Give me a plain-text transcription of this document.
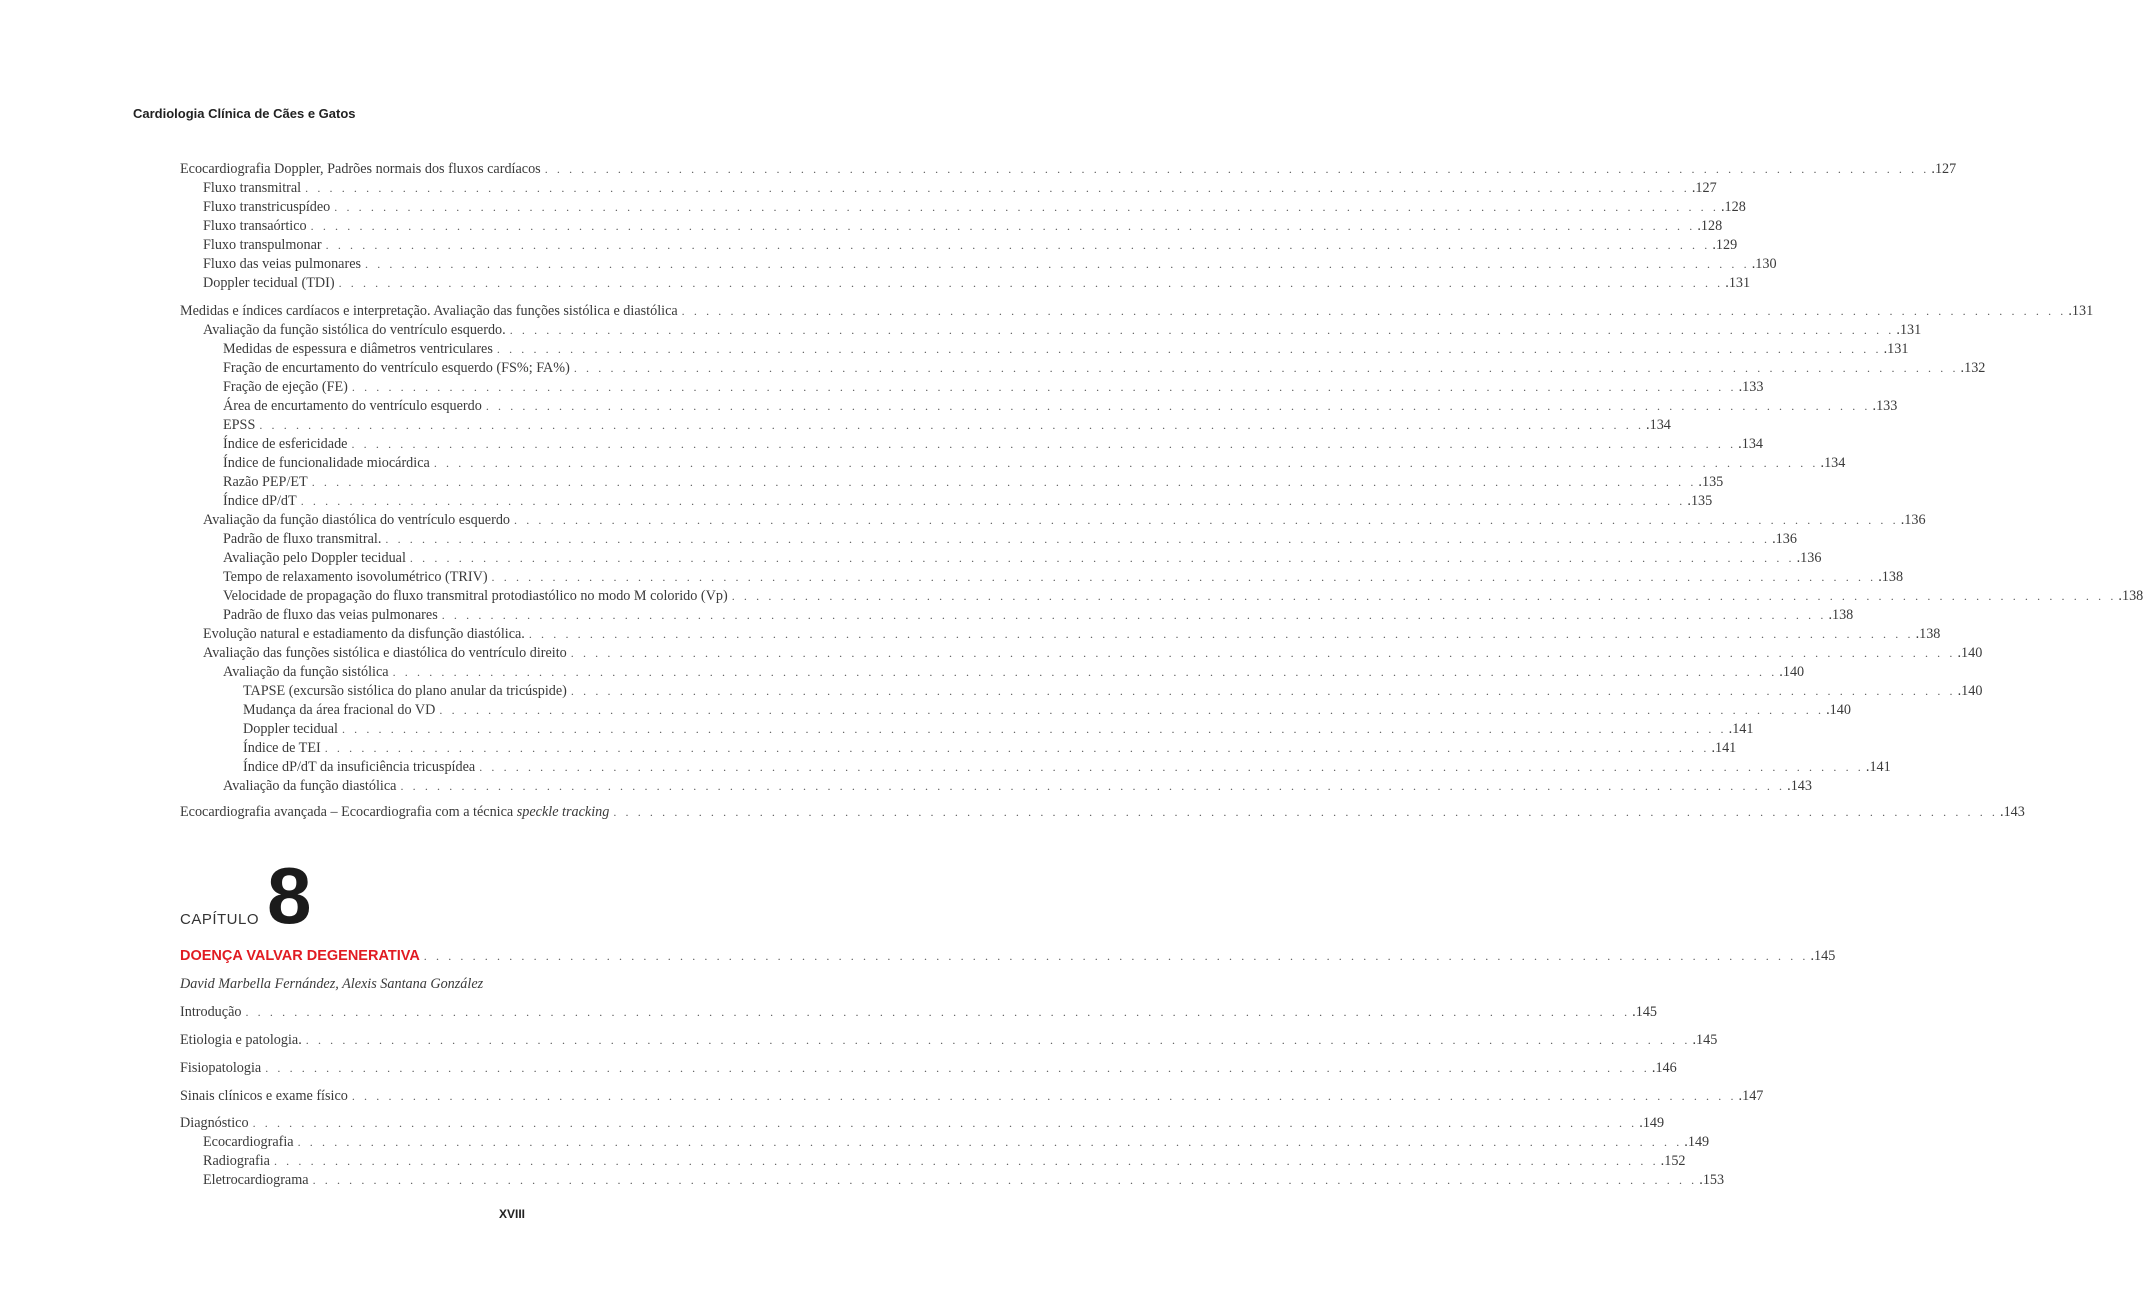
Cardiologia Clínica de Cães e Gatos
Ecocardiografia Doppler, Padrões normais dos fluxos cardíacos . . . . . . . . . . . . . . . . . . . . . . . . . . . . . . . . . . . . . . . . . . . . . . . . . . . . . . . . . . . . . . . . . . . . . . . . . . . . . . . . . . . . . . . . . . . . . . . . . . . . . . . . . . . . . . . . . . .127
Fluxo transmitral . . . . . . . . . . . . . . . . . . . . . . . . . . . . . . . . . . . . . . . . . . . . . . . . . . . . . . . . . . . . . . . . . . . . . . . . . . . . . . . . . . . . . . . . . . . . . . . . . . . . . . . . . . . . . . . . . . .127
Fluxo transtricuspídeo . . . . . . . . . . . . . . . . . . . . . . . . . . . . . . . . . . . . . . . . . . . . . . . . . . . . . . . . . . . . . . . . . . . . . . . . . . . . . . . . . . . . . . . . . . . . . . . . . . . . . . . . . . . . . . . . . . .128
Fluxo transaórtico . . . . . . . . . . . . . . . . . . . . . . . . . . . . . . . . . . . . . . . . . . . . . . . . . . . . . . . . . . . . . . . . . . . . . . . . . . . . . . . . . . . . . . . . . . . . . . . . . . . . . . . . . . . . . . . . . . .128
Fluxo transpulmonar . . . . . . . . . . . . . . . . . . . . . . . . . . . . . . . . . . . . . . . . . . . . . . . . . . . . . . . . . . . . . . . . . . . . . . . . . . . . . . . . . . . . . . . . . . . . . . . . . . . . . . . . . . . . . . . . . . .129
Fluxo das veias pulmonares . . . . . . . . . . . . . . . . . . . . . . . . . . . . . . . . . . . . . . . . . . . . . . . . . . . . . . . . . . . . . . . . . . . . . . . . . . . . . . . . . . . . . . . . . . . . . . . . . . . . . . . . . . . . . . . . . . .130
Doppler tecidual (TDI) . . . . . . . . . . . . . . . . . . . . . . . . . . . . . . . . . . . . . . . . . . . . . . . . . . . . . . . . . . . . . . . . . . . . . . . . . . . . . . . . . . . . . . . . . . . . . . . . . . . . . . . . . . . . . . . . . . .131
Medidas e índices cardíacos e interpretação. Avaliação das funções sistólica e diastólica . . . . . . . . . . . . . . . . . . . . . . . . . . . . . . . . . . . . . . . . . . . . . . . . . . . . . . . . . . . . . . . . . . . . . . . . . . . . . . . . . . . . . . . . . . . . . . . . . . . . . . . . . . . . . . . . . . .131
Avaliação da função sistólica do ventrículo esquerdo. . . . . . . . . . . . . . . . . . . . . . . . . . . . . . . . . . . . . . . . . . . . . . . . . . . . . . . . . . . . . . . . . . . . . . . . . . . . . . . . . . . . . . . . . . . . . . . . . . . . . . . . . . . . . . . . . . . .131
Medidas de espessura e diâmetros ventriculares . . . . . . . . . . . . . . . . . . . . . . . . . . . . . . . . . . . . . . . . . . . . . . . . . . . . . . . . . . . . . . . . . . . . . . . . . . . . . . . . . . . . . . . . . . . . . . . . . . . . . . . . . . . . . . . . . . .131
Fração de encurtamento do ventrículo esquerdo (FS%; FA%) . . . . . . . . . . . . . . . . . . . . . . . . . . . . . . . . . . . . . . . . . . . . . . . . . . . . . . . . . . . . . . . . . . . . . . . . . . . . . . . . . . . . . . . . . . . . . . . . . . . . . . . . . . . . . . . . . . .132
Fração de ejeção (FE) . . . . . . . . . . . . . . . . . . . . . . . . . . . . . . . . . . . . . . . . . . . . . . . . . . . . . . . . . . . . . . . . . . . . . . . . . . . . . . . . . . . . . . . . . . . . . . . . . . . . . . . . . . . . . . . . . . .133
Área de encurtamento do ventrículo esquerdo . . . . . . . . . . . . . . . . . . . . . . . . . . . . . . . . . . . . . . . . . . . . . . . . . . . . . . . . . . . . . . . . . . . . . . . . . . . . . . . . . . . . . . . . . . . . . . . . . . . . . . . . . . . . . . . . . . .133
EPSS . . . . . . . . . . . . . . . . . . . . . . . . . . . . . . . . . . . . . . . . . . . . . . . . . . . . . . . . . . . . . . . . . . . . . . . . . . . . . . . . . . . . . . . . . . . . . . . . . . . . . . . . . . . . . . . . . . .134
Índice de esfericidade . . . . . . . . . . . . . . . . . . . . . . . . . . . . . . . . . . . . . . . . . . . . . . . . . . . . . . . . . . . . . . . . . . . . . . . . . . . . . . . . . . . . . . . . . . . . . . . . . . . . . . . . . . . . . . . . . . .134
Índice de funcionalidade miocárdica . . . . . . . . . . . . . . . . . . . . . . . . . . . . . . . . . . . . . . . . . . . . . . . . . . . . . . . . . . . . . . . . . . . . . . . . . . . . . . . . . . . . . . . . . . . . . . . . . . . . . . . . . . . . . . . . . . .134
Razão PEP/ET . . . . . . . . . . . . . . . . . . . . . . . . . . . . . . . . . . . . . . . . . . . . . . . . . . . . . . . . . . . . . . . . . . . . . . . . . . . . . . . . . . . . . . . . . . . . . . . . . . . . . . . . . . . . . . . . . . .135
Índice dP/dT . . . . . . . . . . . . . . . . . . . . . . . . . . . . . . . . . . . . . . . . . . . . . . . . . . . . . . . . . . . . . . . . . . . . . . . . . . . . . . . . . . . . . . . . . . . . . . . . . . . . . . . . . . . . . . . . . . .135
Avaliação da função diastólica do ventrículo esquerdo . . . . . . . . . . . . . . . . . . . . . . . . . . . . . . . . . . . . . . . . . . . . . . . . . . . . . . . . . . . . . . . . . . . . . . . . . . . . . . . . . . . . . . . . . . . . . . . . . . . . . . . . . . . . . . . . . . .136
Padrão de fluxo transmitral. . . . . . . . . . . . . . . . . . . . . . . . . . . . . . . . . . . . . . . . . . . . . . . . . . . . . . . . . . . . . . . . . . . . . . . . . . . . . . . . . . . . . . . . . . . . . . . . . . . . . . . . . . . . . . . . . . . .136
Avaliação pelo Doppler tecidual . . . . . . . . . . . . . . . . . . . . . . . . . . . . . . . . . . . . . . . . . . . . . . . . . . . . . . . . . . . . . . . . . . . . . . . . . . . . . . . . . . . . . . . . . . . . . . . . . . . . . . . . . . . . . . . . . . .136
Tempo de relaxamento isovolumétrico (TRIV) . . . . . . . . . . . . . . . . . . . . . . . . . . . . . . . . . . . . . . . . . . . . . . . . . . . . . . . . . . . . . . . . . . . . . . . . . . . . . . . . . . . . . . . . . . . . . . . . . . . . . . . . . . . . . . . . . . .138
Velocidade de propagação do fluxo transmitral protodiastólico no modo M colorido (Vp) . . . . . . . . . . . . . . . . . . . . . . . . . . . . . . . . . . . . . . . . . . . . . . . . . . . . . . . . . . . . . . . . . . . . . . . . . . . . . . . . . . . . . . . . . . . . . . . . . . . . . . . . . . . . . . . . . . .138
Padrão de fluxo das veias pulmonares . . . . . . . . . . . . . . . . . . . . . . . . . . . . . . . . . . . . . . . . . . . . . . . . . . . . . . . . . . . . . . . . . . . . . . . . . . . . . . . . . . . . . . . . . . . . . . . . . . . . . . . . . . . . . . . . . . .138
Evolução natural e estadiamento da disfunção diastólica. . . . . . . . . . . . . . . . . . . . . . . . . . . . . . . . . . . . . . . . . . . . . . . . . . . . . . . . . . . . . . . . . . . . . . . . . . . . . . . . . . . . . . . . . . . . . . . . . . . . . . . . . . . . . . . . . . . .138
Avaliação das funções sistólica e diastólica do ventrículo direito . . . . . . . . . . . . . . . . . . . . . . . . . . . . . . . . . . . . . . . . . . . . . . . . . . . . . . . . . . . . . . . . . . . . . . . . . . . . . . . . . . . . . . . . . . . . . . . . . . . . . . . . . . . . . . . . . . .140
Avaliação da função sistólica . . . . . . . . . . . . . . . . . . . . . . . . . . . . . . . . . . . . . . . . . . . . . . . . . . . . . . . . . . . . . . . . . . . . . . . . . . . . . . . . . . . . . . . . . . . . . . . . . . . . . . . . . . . . . . . . . . .140
TAPSE (excursão sistólica do plano anular da tricúspide) . . . . . . . . . . . . . . . . . . . . . . . . . . . . . . . . . . . . . . . . . . . . . . . . . . . . . . . . . . . . . . . . . . . . . . . . . . . . . . . . . . . . . . . . . . . . . . . . . . . . . . . . . . . . . . . . . . .140
Mudança da área fracional do VD . . . . . . . . . . . . . . . . . . . . . . . . . . . . . . . . . . . . . . . . . . . . . . . . . . . . . . . . . . . . . . . . . . . . . . . . . . . . . . . . . . . . . . . . . . . . . . . . . . . . . . . . . . . . . . . . . . .140
Doppler tecidual . . . . . . . . . . . . . . . . . . . . . . . . . . . . . . . . . . . . . . . . . . . . . . . . . . . . . . . . . . . . . . . . . . . . . . . . . . . . . . . . . . . . . . . . . . . . . . . . . . . . . . . . . . . . . . . . . . .141
Índice de TEI . . . . . . . . . . . . . . . . . . . . . . . . . . . . . . . . . . . . . . . . . . . . . . . . . . . . . . . . . . . . . . . . . . . . . . . . . . . . . . . . . . . . . . . . . . . . . . . . . . . . . . . . . . . . . . . . . . .141
Índice dP/dT da insuficiência tricuspídea . . . . . . . . . . . . . . . . . . . . . . . . . . . . . . . . . . . . . . . . . . . . . . . . . . . . . . . . . . . . . . . . . . . . . . . . . . . . . . . . . . . . . . . . . . . . . . . . . . . . . . . . . . . . . . . . . . .141
Avaliação da função diastólica . . . . . . . . . . . . . . . . . . . . . . . . . . . . . . . . . . . . . . . . . . . . . . . . . . . . . . . . . . . . . . . . . . . . . . . . . . . . . . . . . . . . . . . . . . . . . . . . . . . . . . . . . . . . . . . . . . .143
Ecocardiografia avançada – Ecocardiografia com a técnica speckle tracking . . . . . . . . . . . . . . . . . . . . . . . . . . . . . . . . . . . . . . . . . . . . . . . . . . . . . . . . . . . . . . . . . . . . . . . . . . . . . . . . . . . . . . . . . . . . . . . . . . . . . . . . . . . . . . . . . . .143
CAPÍTULO 8
DOENÇA VALVAR DEGENERATIVA . . . . . . . . . . . . . . . . . . . . . . . . . . . . . . . . . . . . . . . . . . . . . . . . . . . . . . . . . . . . . . . . . . . . . . . . . . . . . . . . . . . . . . . . . . . . . . . . . . . . . . . . . . . . . . . . . . .145
David Marbella Fernández, Alexis Santana González
Introdução . . . . . . . . . . . . . . . . . . . . . . . . . . . . . . . . . . . . . . . . . . . . . . . . . . . . . . . . . . . . . . . . . . . . . . . . . . . . . . . . . . . . . . . . . . . . . . . . . . . . . . . . . . . . . . . . . . .145
Etiologia e patologia. . . . . . . . . . . . . . . . . . . . . . . . . . . . . . . . . . . . . . . . . . . . . . . . . . . . . . . . . . . . . . . . . . . . . . . . . . . . . . . . . . . . . . . . . . . . . . . . . . . . . . . . . . . . . . . . . . . .145
Fisiopatologia . . . . . . . . . . . . . . . . . . . . . . . . . . . . . . . . . . . . . . . . . . . . . . . . . . . . . . . . . . . . . . . . . . . . . . . . . . . . . . . . . . . . . . . . . . . . . . . . . . . . . . . . . . . . . . . . . . .146
Sinais clínicos e exame físico . . . . . . . . . . . . . . . . . . . . . . . . . . . . . . . . . . . . . . . . . . . . . . . . . . . . . . . . . . . . . . . . . . . . . . . . . . . . . . . . . . . . . . . . . . . . . . . . . . . . . . . . . . . . . . . . . . .147
Diagnóstico . . . . . . . . . . . . . . . . . . . . . . . . . . . . . . . . . . . . . . . . . . . . . . . . . . . . . . . . . . . . . . . . . . . . . . . . . . . . . . . . . . . . . . . . . . . . . . . . . . . . . . . . . . . . . . . . . . .149
Ecocardiografia . . . . . . . . . . . . . . . . . . . . . . . . . . . . . . . . . . . . . . . . . . . . . . . . . . . . . . . . . . . . . . . . . . . . . . . . . . . . . . . . . . . . . . . . . . . . . . . . . . . . . . . . . . . . . . . . . . .149
Radiografia . . . . . . . . . . . . . . . . . . . . . . . . . . . . . . . . . . . . . . . . . . . . . . . . . . . . . . . . . . . . . . . . . . . . . . . . . . . . . . . . . . . . . . . . . . . . . . . . . . . . . . . . . . . . . . . . . . .152
Eletrocardiograma . . . . . . . . . . . . . . . . . . . . . . . . . . . . . . . . . . . . . . . . . . . . . . . . . . . . . . . . . . . . . . . . . . . . . . . . . . . . . . . . . . . . . . . . . . . . . . . . . . . . . . . . . . . . . . . . . . .153
XVIII
